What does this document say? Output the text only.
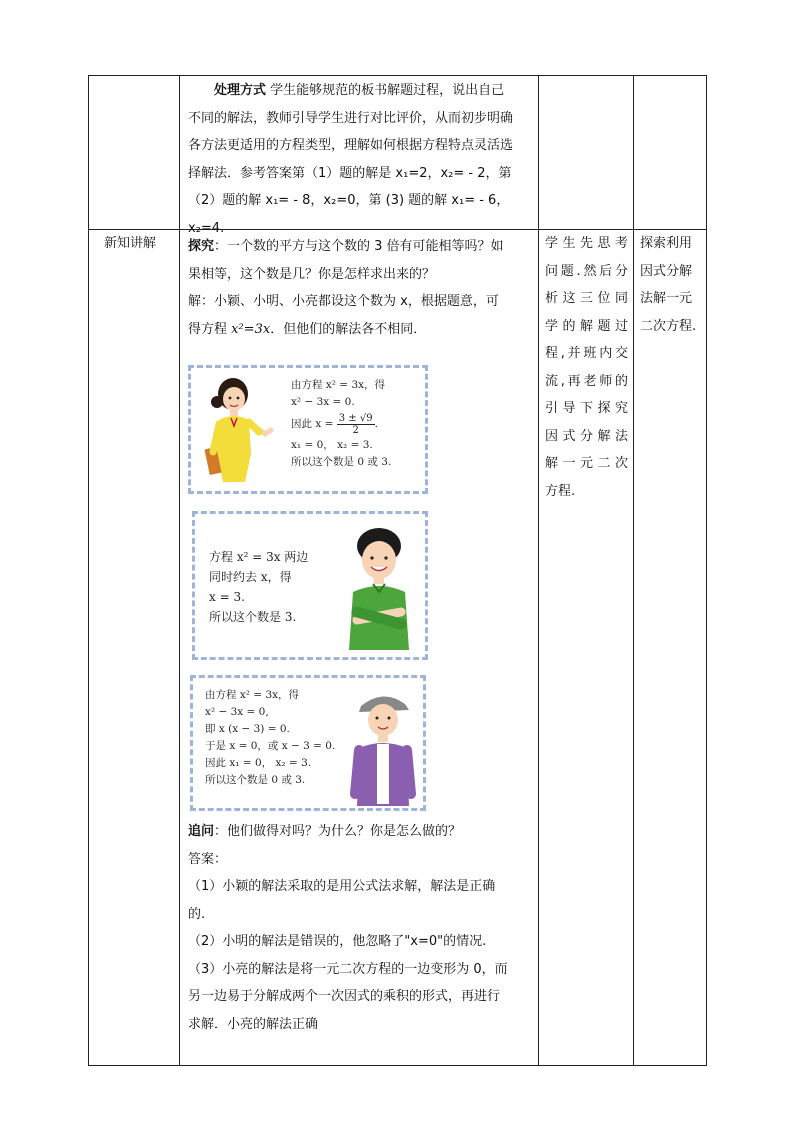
处理方式 学生能够规范的板书解题过程，说出自己

不同的解法，教师引导学生进行对比评价，从而初步明确

各方法更适用的方程类型，理解如何根据方程特点灵活选

择解法．参考答案第（1）题的解是 x₁=2，x₂= - 2，第

（2）题的解 x₁= - 8，x₂=0，第 (3) 题的解 x₁= - 6，x₂=4.

新知讲解 探究：一个数的平方与这个数的 3 倍有可能相等吗？如

果相等，这个数是几？你是怎样求出来的？

解：小颖、小明、小亮都设这个数为 x，根据题意，可

得方程 x²=3x．但他们的解法各不相同．

由方程 x² = 3x，得
x² − 3x = 0.
因此 $x = \frac{3 \pm √9}{2}$ .
x₁ = 0， x₂ = 3.
所以这个数是 0 或 3.
方程 x² = 3x 两边
同时约去 x，得
x = 3.
所以这个数是 3.
由方程 x² = 3x，得
x² − 3x = 0,
即 x (x − 3) = 0.
于是 x = 0，或 x − 3 = 0.
因此 x₁ = 0， x₂ = 3.
所以这个数是 0 或 3.

追问：他们做得对吗？为什么？你是怎么做的？

答案：

（1）小颖的解法采取的是用公式法求解，解法是正确

的.

（2）小明的解法是错误的，他忽略了"x=0"的情况.

（3）小亮的解法是将一元二次方程的一边变形为 0，而

另一边易于分解成两个一次因式的乘积的形式，再进行

求解．小亮的解法正确

学生先思考
问题.然后分
析这三位同
学的解题过
程,并班内交
流,再老师的
引导下探究
因式分解法
解一元二次
方程.
探索利用
因式分解
法解一元
二次方程.
